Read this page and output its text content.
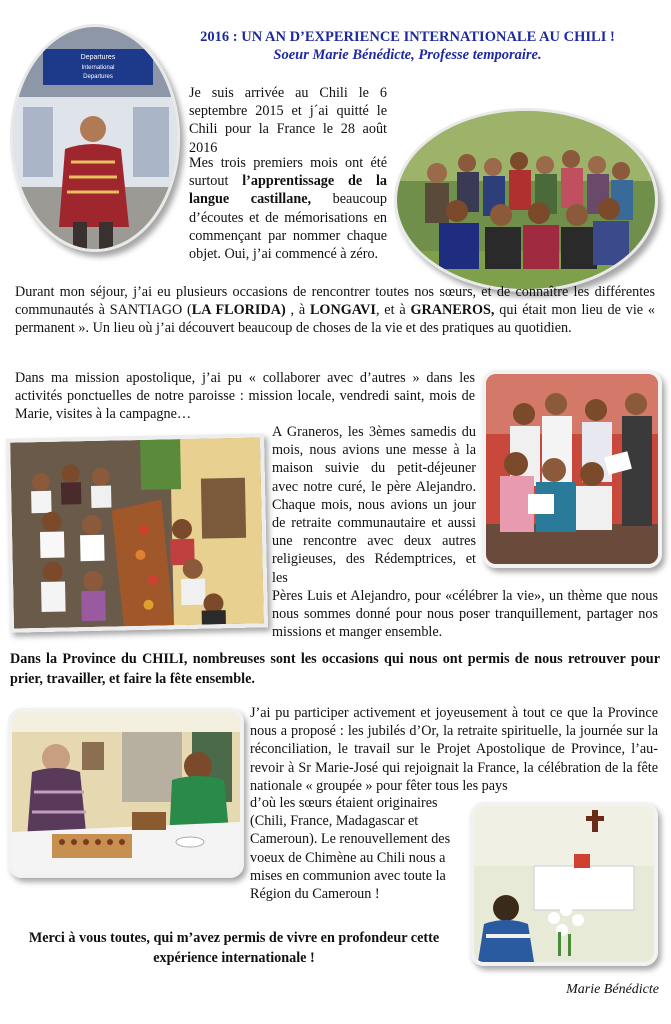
2016 : UN AN D’EXPERIENCE INTERNATIONALE AU CHILI !
Soeur Marie Bénédicte, Professe temporaire.
Departures
International
Departures

Je suis arrivée au Chili le 6 septembre 2015 et j´ai quitté le Chili pour la France le 28 août 2016

Mes trois premiers mois ont été surtout l’apprentissage de la langue castillane, beaucoup d’écoutes et de mémorisations en commençant par nommer chaque objet. Oui, j’ai commencé à zéro.

Durant mon séjour, j’ai eu plusieurs occasions de rencontrer toutes nos sœurs, et de connaître les différentes communautés à SANTIAGO (LA FLORIDA) , à LONGAVI, et à GRANEROS, qui était mon lieu de vie « permanent ». Un lieu où j’ai découvert beaucoup de choses de la vie et des pratiques au quotidien.

Dans ma mission apostolique, j’ai pu « collaborer avec d’autres » dans les activités ponctuelles de notre paroisse : mission locale, vendredi saint, mois de Marie, visites à la campagne…

A Graneros, les 3èmes samedis du mois, nous avions une messe à la maison suivie du petit-déjeuner avec notre curé, le père Alejandro. Chaque mois, nous avions un jour de retraite communautaire et aussi une rencontre avec deux autres religieuses, des Rédemptrices, et les

Pères Luis et Alejandro, pour «célébrer la vie», un thème que nous nous sommes donné pour nous poser tranquillement, partager nos missions et manger ensemble.

Dans la Province du CHILI, nombreuses sont les occasions qui nous ont permis de nous retrouver pour prier, travailler, et faire la fête ensemble.

J’ai pu participer activement et joyeusement à tout ce que la Province nous a proposé : les jubilés d’Or, la retraite spirituelle, la journée sur la réconciliation, le travail sur le Projet Apostolique de Province, l’au-revoir à Sr Marie-José qui rejoignait la France, la célébration de la fête nationale « groupée » pour fêter tous les pays

d’où les sœurs étaient originaires (Chili, France, Madagascar et Cameroun). Le renouvellement des voeux de Chimène au Chili nous a mises en communion avec toute la Région du Cameroun !

Merci à vous toutes, qui m’avez permis de vivre en profondeur cette expérience internationale !

Marie Bénédicte
